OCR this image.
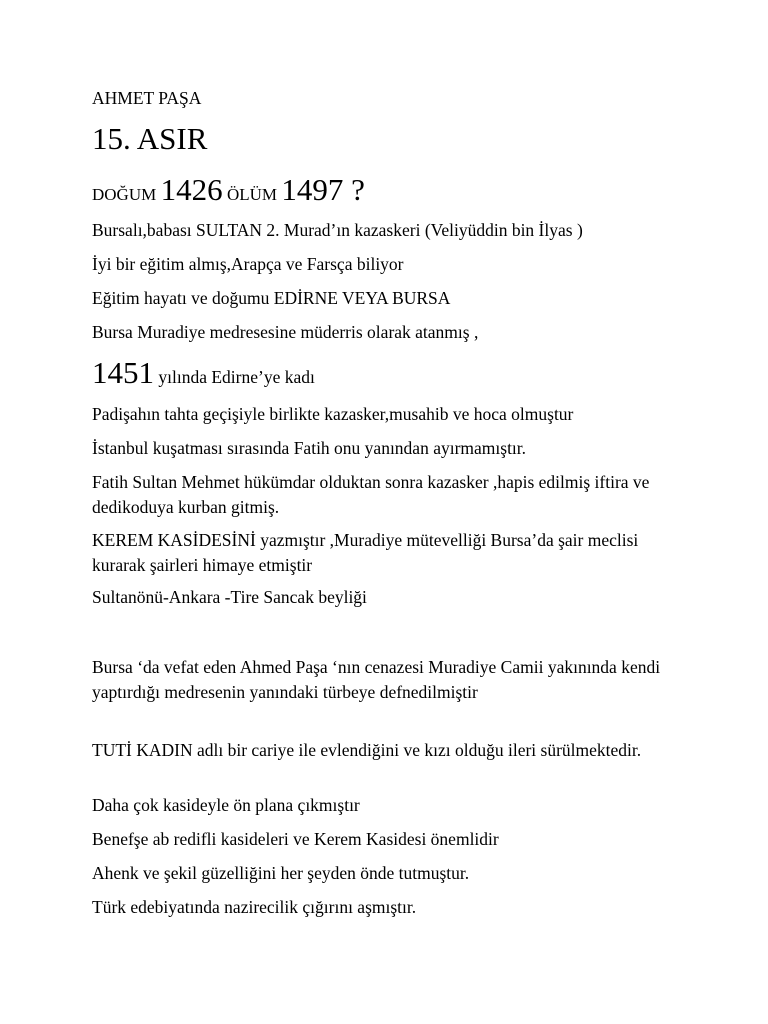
AHMET PAŞA

15. ASIR

DOĞUM 1426 ÖLÜM 1497 ?

Bursalı,babası SULTAN 2. Murad’ın kazaskeri (Veliyüddin bin İlyas )

İyi bir eğitim almış,Arapça ve Farsça biliyor

Eğitim hayatı ve doğumu EDİRNE VEYA BURSA

Bursa Muradiye medresesine müderris olarak atanmış ,

1451 yılında Edirne’ye kadı

Padişahın tahta geçişiyle birlikte kazasker,musahib ve hoca olmuştur

İstanbul kuşatması sırasında Fatih onu yanından ayırmamıştır.

Fatih Sultan Mehmet hükümdar olduktan sonra kazasker ,hapis edilmiş iftira ve dedikoduya kurban gitmiş.

KEREM KASİDESİNİ yazmıştır ,Muradiye mütevelliği Bursa’da şair meclisi kurarak şairleri himaye etmiştir

Sultanönü-Ankara -Tire Sancak beyliği

Bursa ‘da vefat eden Ahmed Paşa ‘nın cenazesi Muradiye Camii yakınında kendi yaptırdığı medresenin yanındaki türbeye defnedilmiştir

TUTİ KADIN adlı bir cariye ile evlendiğini ve kızı olduğu ileri sürülmektedir.

Daha çok kasideyle ön plana çıkmıştır

Benefşe ab redifli kasideleri ve Kerem Kasidesi önemlidir

Ahenk ve şekil güzelliğini her şeyden önde tutmuştur.

Türk edebiyatında nazirecilik çığırını aşmıştır.
